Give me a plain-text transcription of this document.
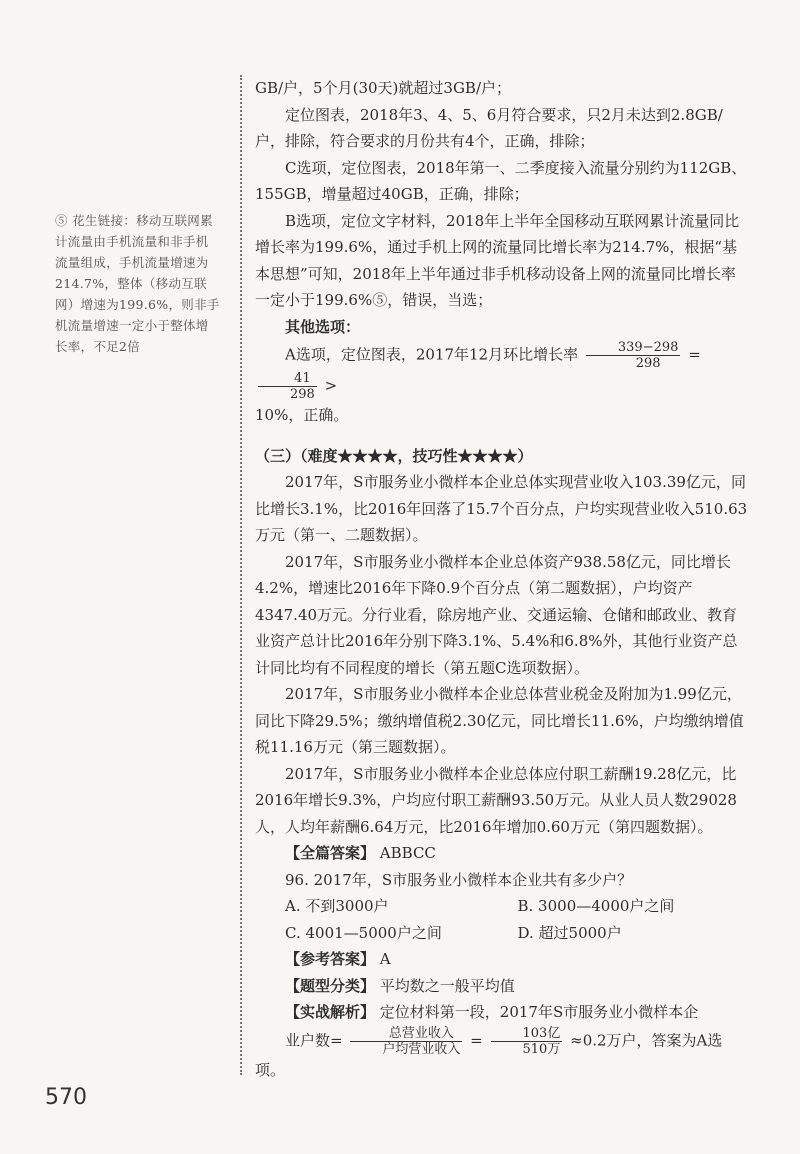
⑤ 花生链接：移动互联网累计流量由手机流量和非手机流量组成，手机流量增速为214.7%，整体（移动互联网）增速为199.6%，则非手机流量增速一定小于整体增长率，不足2倍

GB/户，5个月(30天)就超过3GB/户；

定位图表，2018年3、4、5、6月符合要求，只2月未达到2.8GB/户，排除，符合要求的月份共有4个，正确，排除；

C选项，定位图表，2018年第一、二季度接入流量分别约为112GB、155GB，增量超过40GB，正确，排除；

B选项，定位文字材料，2018年上半年全国移动互联网累计流量同比增长率为199.6%，通过手机上网的流量同比增长率为214.7%，根据“基本思想”可知，2018年上半年通过非手机移动设备上网的流量同比增长率一定小于199.6%⑤，错误，当选；

其他选项：

A选项，定位图表，2017年12月环比增长率 $\frac{339-298}{298}$ =
$\frac{41}{298}$ >

10%，正确。

（三）（难度★★★★，技巧性★★★★）

2017年，S市服务业小微样本企业总体实现营业收入103.39亿元，同比增长3.1%，比2016年回落了15.7个百分点，户均实现营业收入510.63万元（第一、二题数据）。

2017年，S市服务业小微样本企业总体资产938.58亿元，同比增长4.2%，增速比2016年下降0.9个百分点（第二题数据），户均资产4347.40万元。分行业看，除房地产业、交通运输、仓储和邮政业、教育业资产总计比2016年分别下降3.1%、5.4%和6.8%外，其他行业资产总计同比均有不同程度的增长（第五题C选项数据）。

2017年，S市服务业小微样本企业总体营业税金及附加为1.99亿元，同比下降29.5%；缴纳增值税2.30亿元，同比增长11.6%，户均缴纳增值税11.16万元（第三题数据）。

2017年，S市服务业小微样本企业总体应付职工薪酬19.28亿元，比2016年增长9.3%，户均应付职工薪酬93.50万元。从业人员人数29028人，人均年薪酬6.64万元，比2016年增加0.60万元（第四题数据）。

【全篇答案】 ABBCC

96. 2017年，S市服务业小微样本企业共有多少户？

A. 不到3000户	B. 3000—4000户之间
C. 4001—5000户之间	D. 超过5000户

【参考答案】 A

【题型分类】 平均数之一般平均值

【实战解析】 定位材料第一段，2017年S市服务业小微样本企

业户数= $\frac{\text{总营业收入}}{\text{户均营业收入}} = \frac{\text{103亿}}{\text{510万}} \approx 0.2$万户，答案为A选项。

570
